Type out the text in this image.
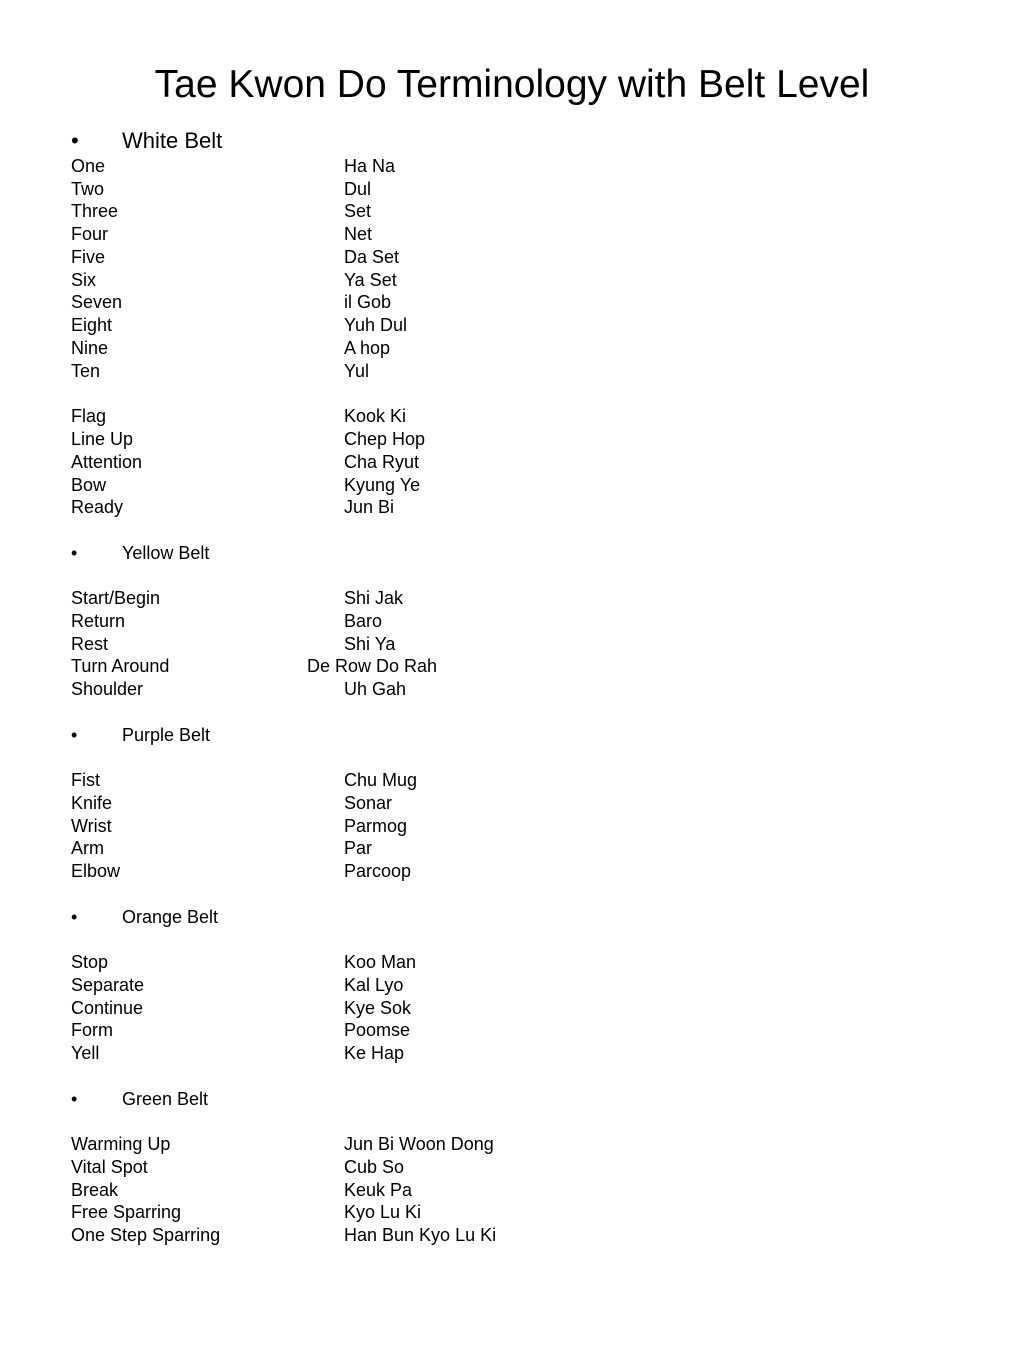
Tae Kwon Do Terminology with Belt Level
• White Belt
One	Ha Na
Two	Dul
Three	Set
Four	Net
Five	Da Set
Six	Ya Set
Seven	il Gob
Eight	Yuh Dul
Nine	A hop
Ten	Yul
Flag	Kook Ki
Line Up	Chep Hop
Attention	Cha Ryut
Bow	Kyung Ye
Ready	Jun Bi
• Yellow Belt
Start/Begin	Shi Jak
Return	Baro
Rest	Shi Ya
Turn Around	De Row Do Rah
Shoulder	Uh Gah
• Purple Belt
Fist	Chu Mug
Knife	Sonar
Wrist	Parmog
Arm	Par
Elbow	Parcoop
• Orange Belt
Stop	Koo Man
Separate	Kal Lyo
Continue	Kye Sok
Form	Poomse
Yell	Ke Hap
• Green Belt
Warming Up	Jun Bi Woon Dong
Vital Spot	Cub So
Break	Keuk Pa
Free Sparring	Kyo Lu Ki
One Step Sparring	Han Bun Kyo Lu Ki
